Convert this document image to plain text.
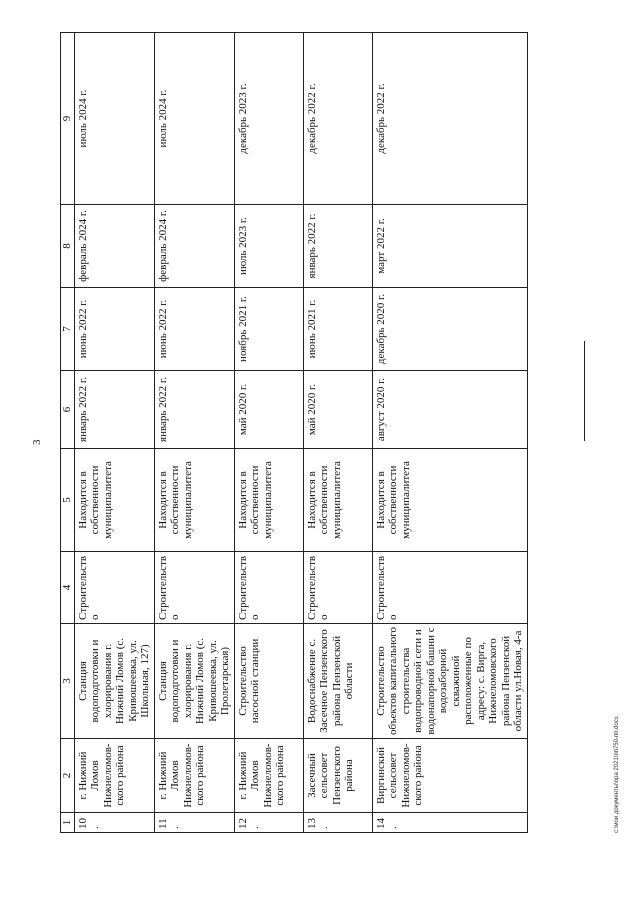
3
1	2	3	4	5	6	7	8	9
10.	г. Нижний Ломов Нижнеломов-ского района	Станция водоподготовки и хлорирования г. Нижний Ломов (с. Кривошеевка, ул. Школьная, 127)	Строительство	Находится в собственности муниципалитета	январь 2022 г.	июнь 2022 г.	февраль 2024 г.	июль 2024 г.
11.	г. Нижний Ломов Нижнеломов-ского района	Станция водоподготовки и хлорирования г. Нижний Ломов (с. Кривошеевка, ул. Пролетарская)	Строительство	Находится в собственности муниципалитета	январь 2022 г.	июнь 2022 г.	февраль 2024 г.	июль 2024 г.
12.	г. Нижний Ломов Нижнеломов-ского района	Строительство насосной станции	Строительство	Находится в собственности муниципалитета	май 2020 г.	ноябрь 2021 г.	июль 2023 г.	декабрь 2023 г.
13.	Засечный сельсовет Пензенского района	Водоснабжение с. Засечное Пензенского района Пензенской области	Строительство	Находится в собственности муниципалитета	май 2020 г.	июнь 2021 г.	январь 2022 г.	декабрь 2022 г.
14.	Виргинский сельсовет Нижнеломов-ского района	Строительство объектов капитального строительства водопроводной сети и водонапорной башни с водозаборной скважиной расположенные по адресу: с. Вирга, Нижнеломовского района Пензенской области ул.Новая, 4-а	Строительство	Находится в собственности муниципалитета	август 2020 г.	декабрь 2020 г.	март 2022 г.	декабрь 2022 г.
c:\мои документы\ора 2021\пп750-пп.docx
